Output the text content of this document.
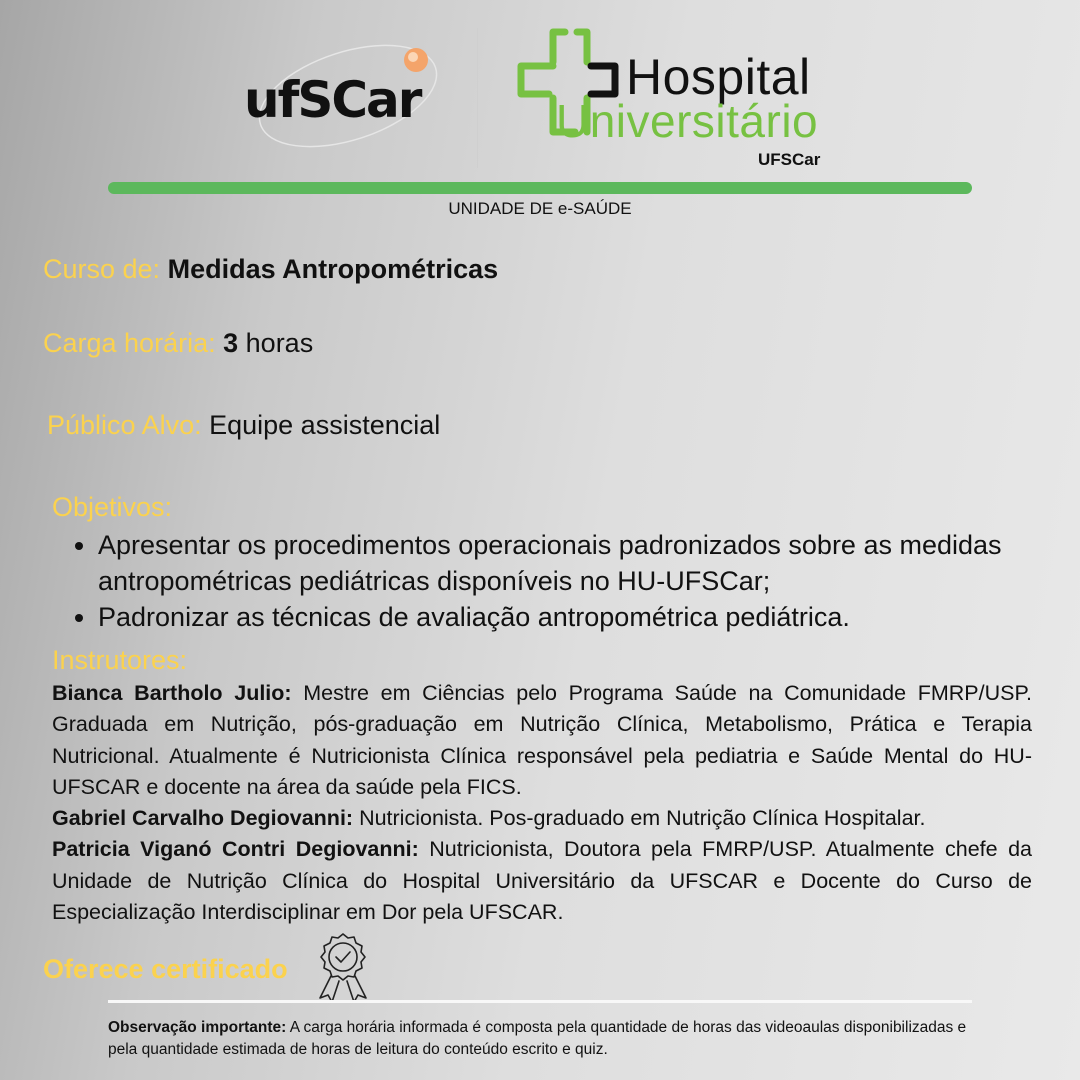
ufSCar	Hospital
Universitário
UFSCar
UNIDADE DE e-SAÚDE
Curso de: Medidas Antropométricas
Carga horária: 3 horas
Público Alvo: Equipe assistencial
Objetivos:
• Apresentar os procedimentos operacionais padronizados sobre as medidas antropométricas pediátricas disponíveis no HU-UFSCar;
• Padronizar as técnicas de avaliação antropométrica pediátrica.
Instrutores:

Bianca Bartholo Julio: Mestre em Ciências pelo Programa Saúde na Comunidade FMRP/USP. Graduada em Nutrição, pós-graduação em Nutrição Clínica, Metabolismo, Prática e Terapia Nutricional. Atualmente é Nutricionista Clínica responsável pela pediatria e Saúde Mental do HU-UFSCAR e docente na área da saúde pela FICS.

Gabriel Carvalho Degiovanni: Nutricionista. Pos-graduado em Nutrição Clínica Hospitalar.

Patricia Viganó Contri Degiovanni: Nutricionista, Doutora pela FMRP/USP. Atualmente chefe da Unidade de Nutrição Clínica do Hospital Universitário da UFSCAR e Docente do Curso de Especialização Interdisciplinar em Dor pela UFSCAR.

Oferece certificado
Observação importante: A carga horária informada é composta pela quantidade de horas das videoaulas disponibilizadas e pela quantidade estimada de horas de leitura do conteúdo escrito e quiz.
